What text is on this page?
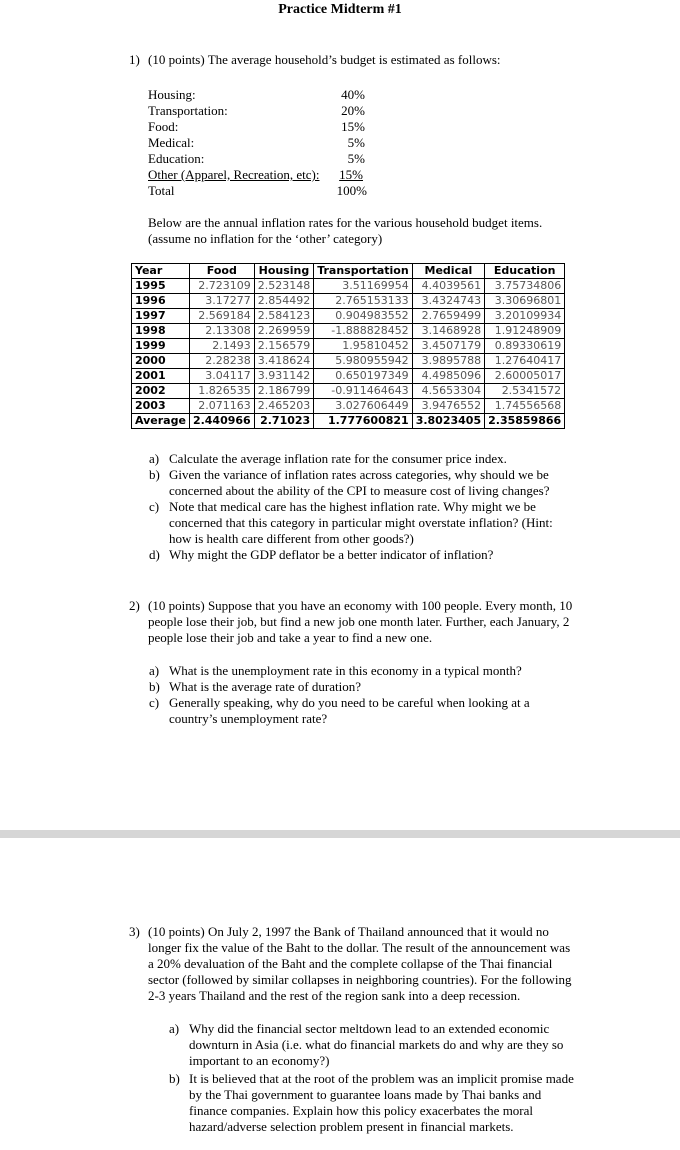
Practice Midterm #1
1) (10 points) The average household’s budget is estimated as follows:
Housing:	40%
Transportation:	20%
Food:	15%
Medical:	5%
Education:	5%
Other (Apparel, Recreation, etc): 15%
Total	100%
Below are the annual inflation rates for the various household budget items.
(assume no inflation for the ‘other’ category)
Year	Food	Housing	Transportation	Medical	Education
1995	2.723109	2.523148	3.51169954	4.4039561	3.75734806
1996	3.17277	2.854492	2.765153133	3.4324743	3.30696801
1997	2.569184	2.584123	0.904983552	2.7659499	3.20109934
1998	2.13308	2.269959	-1.888828452	3.1468928	1.91248909
1999	2.1493	2.156579	1.95810452	3.4507179	0.89330619
2000	2.28238	3.418624	5.980955942	3.9895788	1.27640417
2001	3.04117	3.931142	0.650197349	4.4985096	2.60005017
2002	1.826535	2.186799	-0.911464643	4.5653304	2.5341572
2003	2.071163	2.465203	3.027606449	3.9476552	1.74556568
Average	2.440966	2.71023	1.777600821	3.8023405	2.35859866
a) Calculate the average inflation rate for the consumer price index.
b) Given the variance of inflation rates across categories, why should we be
concerned about the ability of the CPI to measure cost of living changes?
c) Note that medical care has the highest inflation rate. Why might we be
concerned that this category in particular might overstate inflation? (Hint:
how is health care different from other goods?)
d) Why might the GDP deflator be a better indicator of inflation?
2) (10 points) Suppose that you have an economy with 100 people. Every month, 10
people lose their job, but find a new job one month later. Further, each January, 2
people lose their job and take a year to find a new one.
a) What is the unemployment rate in this economy in a typical month?
b) What is the average rate of duration?
c) Generally speaking, why do you need to be careful when looking at a
country’s unemployment rate?
3) (10 points) On July 2, 1997 the Bank of Thailand announced that it would no
longer fix the value of the Baht to the dollar. The result of the announcement was
a 20% devaluation of the Baht and the complete collapse of the Thai financial
sector (followed by similar collapses in neighboring countries). For the following
2-3 years Thailand and the rest of the region sank into a deep recession.
a) Why did the financial sector meltdown lead to an extended economic
downturn in Asia (i.e. what do financial markets do and why are they so
important to an economy?)
b) It is believed that at the root of the problem was an implicit promise made
by the Thai government to guarantee loans made by Thai banks and
finance companies. Explain how this policy exacerbates the moral
hazard/adverse selection problem present in financial markets.
